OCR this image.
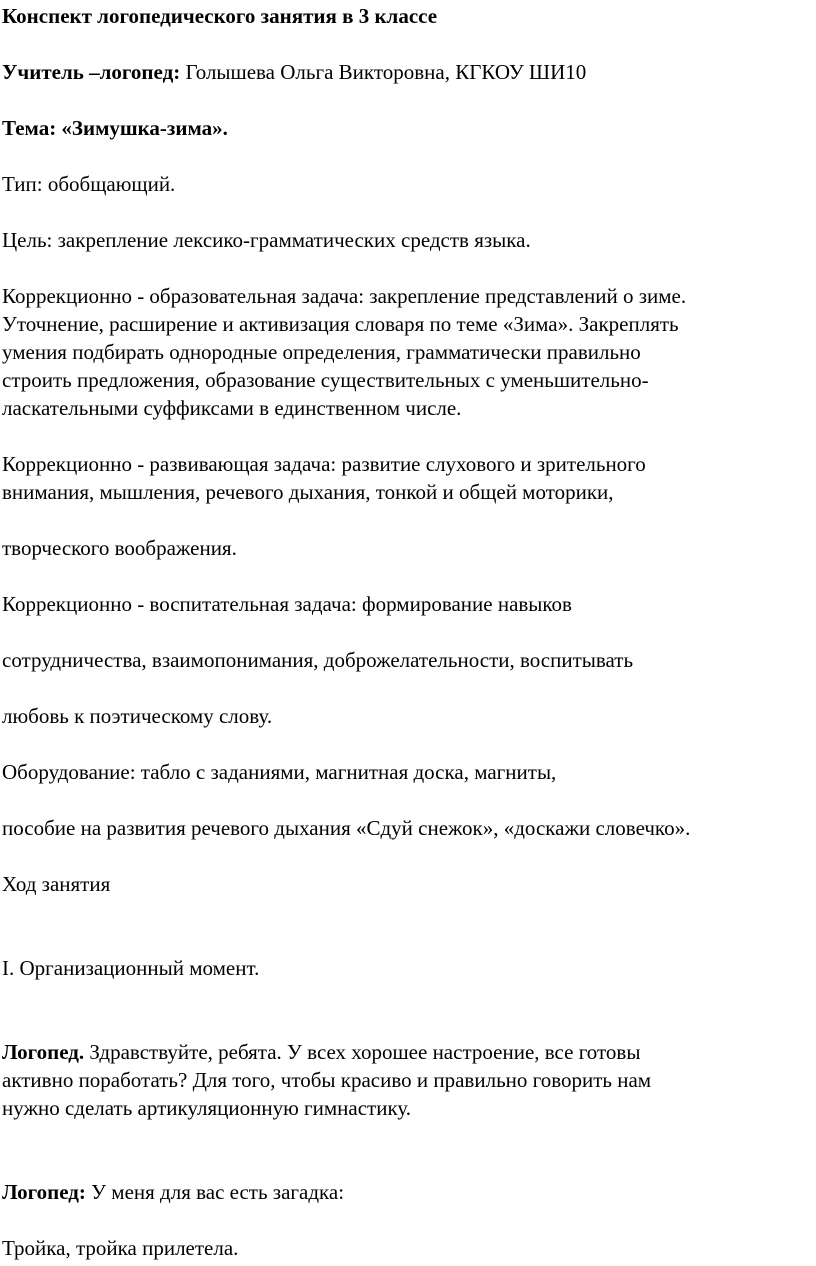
Конспект логопедического занятия в 3 классе

Учитель –логопед: Голышева Ольга Викторовна, КГКОУ ШИ10

Тема: «Зимушка-зима».

Тип: обобщающий.

Цель: закрепление лексико-грамматических средств языка.

Коррекционно - образовательная задача: закрепление представлений о зиме.
Уточнение, расширение и активизация словаря по теме «Зима». Закреплять
умения подбирать однородные определения, грамматически правильно
строить предложения, образование существительных с уменьшительно-
ласкательными суффиксами в единственном числе.

Коррекционно - развивающая задача: развитие слухового и зрительного
внимания, мышления, речевого дыхания, тонкой и общей моторики,

творческого воображения.

Коррекционно - воспитательная задача: формирование навыков

сотрудничества, взаимопонимания, доброжелательности, воспитывать

любовь к поэтическому слову.

Оборудование: табло с заданиями, магнитная доска, магниты,

пособие на развития речевого дыхания «Сдуй снежок», «доскажи словечко».

Ход занятия

I. Организационный момент.

Логопед. Здравствуйте, ребята. У всех хорошее настроение, все готовы
активно поработать? Для того, чтобы красиво и правильно говорить нам
нужно сделать артикуляционную гимнастику.

Логопед: У меня для вас есть загадка:

Тройка, тройка прилетела.
